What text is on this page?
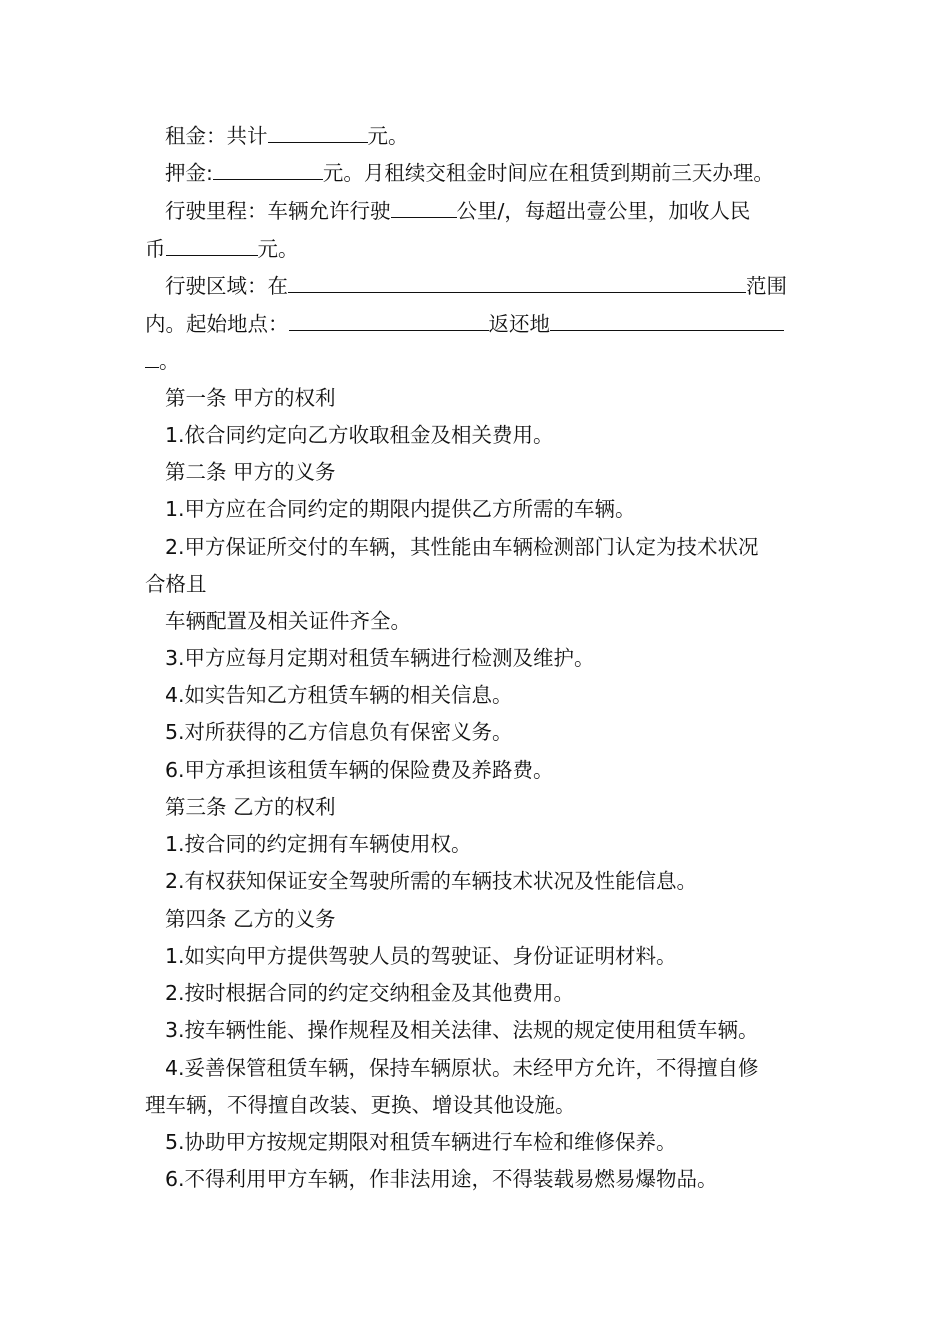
租金：共计	元。
押金:	元。月租续交租金时间应在租赁到期前三天办理。
行驶里程：车辆允许行驶	公里/，每超出壹公里，加收人民
币	元。
行驶区域：在	范围
内。起始地点：	返还地
。
第一条 甲方的权利
1.依合同约定向乙方收取租金及相关费用。
第二条 甲方的义务
1.甲方应在合同约定的期限内提供乙方所需的车辆。
2.甲方保证所交付的车辆，其性能由车辆检测部门认定为技术状况
合格且
车辆配置及相关证件齐全。
3.甲方应每月定期对租赁车辆进行检测及维护。
4.如实告知乙方租赁车辆的相关信息。
5.对所获得的乙方信息负有保密义务。
6.甲方承担该租赁车辆的保险费及养路费。
第三条 乙方的权利
1.按合同的约定拥有车辆使用权。
2.有权获知保证安全驾驶所需的车辆技术状况及性能信息。
第四条 乙方的义务
1.如实向甲方提供驾驶人员的驾驶证、身份证证明材料。
2.按时根据合同的约定交纳租金及其他费用。
3.按车辆性能、操作规程及相关法律、法规的规定使用租赁车辆。
4.妥善保管租赁车辆，保持车辆原状。未经甲方允许，不得擅自修
理车辆，不得擅自改装、更换、增设其他设施。
5.协助甲方按规定期限对租赁车辆进行车检和维修保养。
6.不得利用甲方车辆，作非法用途，不得装载易燃易爆物品。
